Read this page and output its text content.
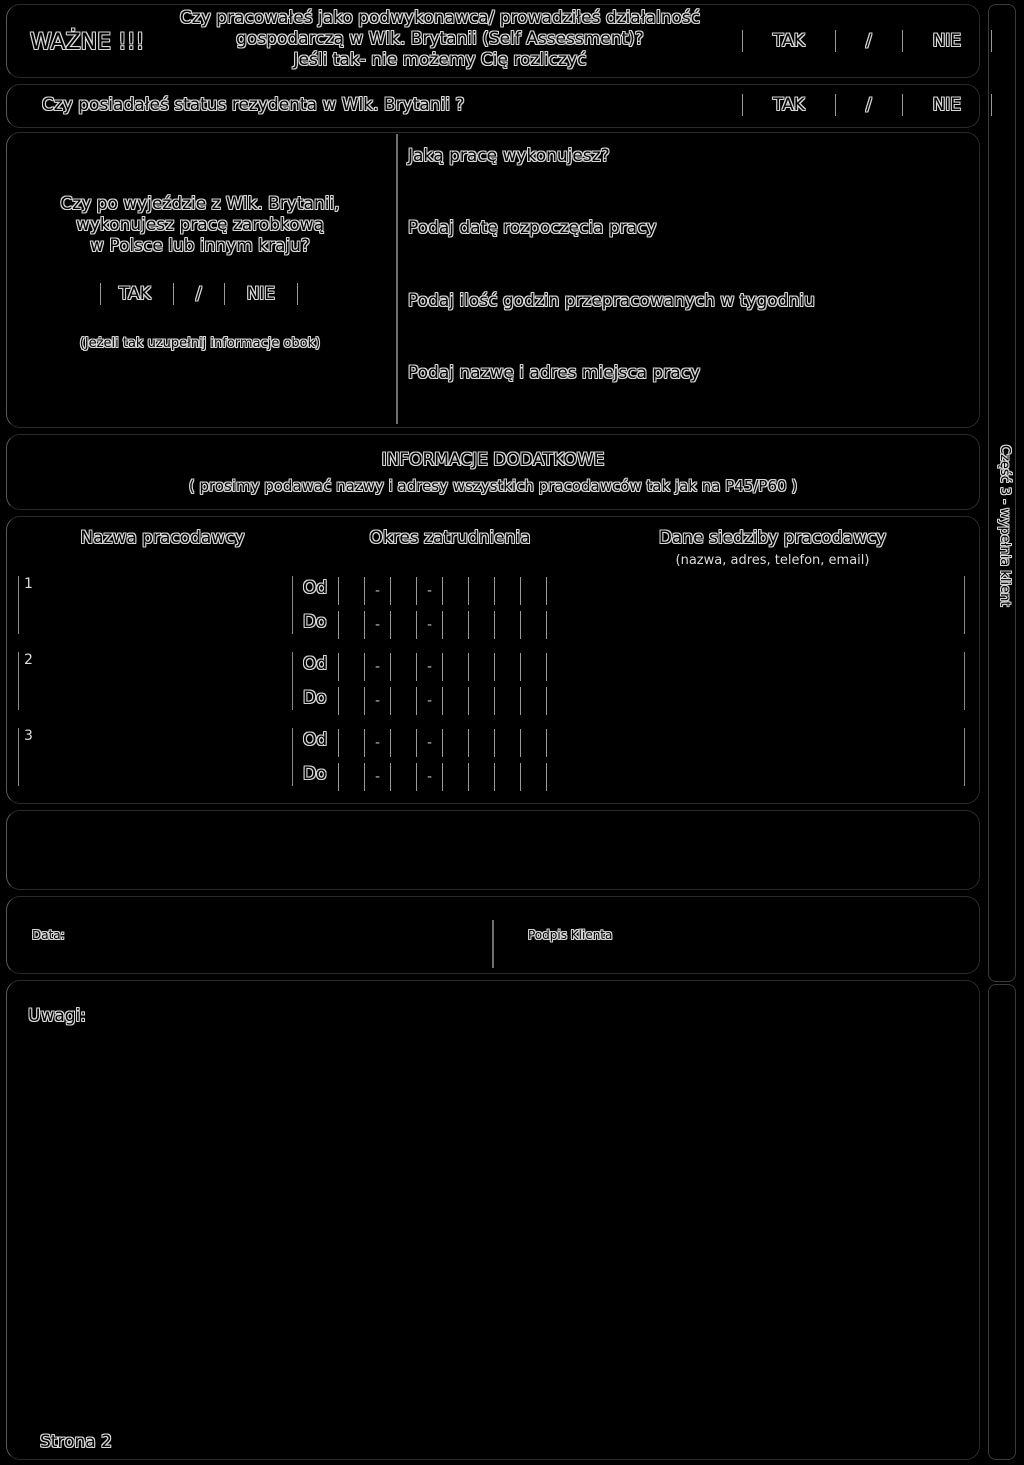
Część 3 - wypełnia klient
WAŻNE !!!
Czy pracowałeś jako podwykonawca/ prowadziłeś działalność
gospodarczą w Wlk. Brytanii (Self Assessment)?
Jeśli tak- nie możemy Cię rozliczyć
TAK	/	NIE
Czy posiadałeś status rezydenta w Wlk. Brytanii ?	TAK	/	NIE
Czy po wyjeździe z Wlk. Brytanii,
wykonujesz pracę zarobkową
w Polsce lub innym kraju?
TAK	/	NIE
(Jeżeli tak uzupełnij informacje obok)
Jaką pracę wykonujesz?
Podaj datę rozpoczęcia pracy
Podaj ilość godzin przepracowanych w tygodniu
Podaj nazwę i adres miejsca pracy
INFORMACJE DODATKOWE
( prosimy podawać nazwy i adresy wszystkich pracodawców tak jak na P45/P60 )
Nazwa pracodawcy	Okres zatrudnienia	Dane siedziby pracodawcy
(nazwa, adres, telefon, email)
1	Od	-	-
Do	-	-
2	Od	-	-
Do	-	-
3	Od	-	-
Do	-	-
Data:	Podpis Klienta
Uwagi:
Strona 2
